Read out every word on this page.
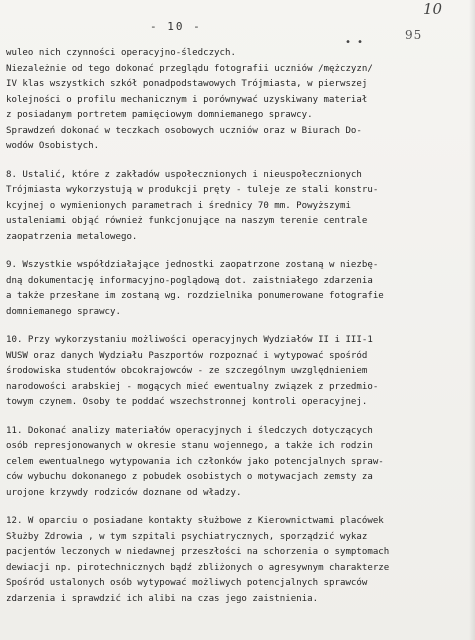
- 10 -
10
95
• •
wuleo nich czynności operacyjno-śledczych.
Niezależnie od tego dokonać przeglądu fotografii uczniów /mężczyzn/
IV klas wszystkich szkół ponadpodstawowych Trójmiasta, w pierwszej
kolejności o profilu mechanicznym i porównywać uzyskiwany materiał
z posiadanym portretem pamięciowym domniemanego sprawcy.
Sprawdzeń dokonać w teczkach osobowych uczniów oraz w Biurach Do-
wodów Osobistych.
8. Ustalić, które z zakładów uspołecznionych i nieuspołecznionych
Trójmiasta wykorzystują w produkcji pręty - tuleje ze stali konstru-
kcyjnej o wymienionych parametrach i średnicy 70 mm. Powyższymi
ustaleniami objąć również funkcjonujące na naszym terenie centrale
zaopatrzenia metalowego.
9. Wszystkie współdziałające jednostki zaopatrzone zostaną w niezbę-
dną dokumentację informacyjno-poglądową dot. zaistniałego zdarzenia
a także przesłane im zostaną wg. rozdzielnika ponumerowane fotografie
domniemanego sprawcy.
10. Przy wykorzystaniu możliwości operacyjnych Wydziałów II i III-1
WUSW oraz danych Wydziału Paszportów rozpoznać i wytypować spośród
środowiska studentów obcokrajowców - ze szczególnym uwzględnieniem
narodowości arabskiej - mogących mieć ewentualny związek z przedmio-
towym czynem. Osoby te poddać wszechstronnej kontroli operacyjnej.
11. Dokonać analizy materiałów operacyjnych i śledczych dotyczących
osób represjonowanych w okresie stanu wojennego, a także ich rodzin
celem ewentualnego wytypowania ich członków jako potencjalnych spraw-
ców wybuchu dokonanego z pobudek osobistych o motywacjach zemsty za
urojone krzywdy rodziców doznane od władzy.
12. W oparciu o posiadane kontakty służbowe z Kierownictwami placówek
Służby Zdrowia , w tym szpitali psychiatrycznych, sporządzić wykaz
pacjentów leczonych w niedawnej przeszłości na schorzenia o symptomach
dewiacji np. pirotechnicznych bądź zbliżonych o agresywnym charakterze
Spośród ustalonych osób wytypować możliwych potencjalnych sprawców
zdarzenia i sprawdzić ich alibi na czas jego zaistnienia.
